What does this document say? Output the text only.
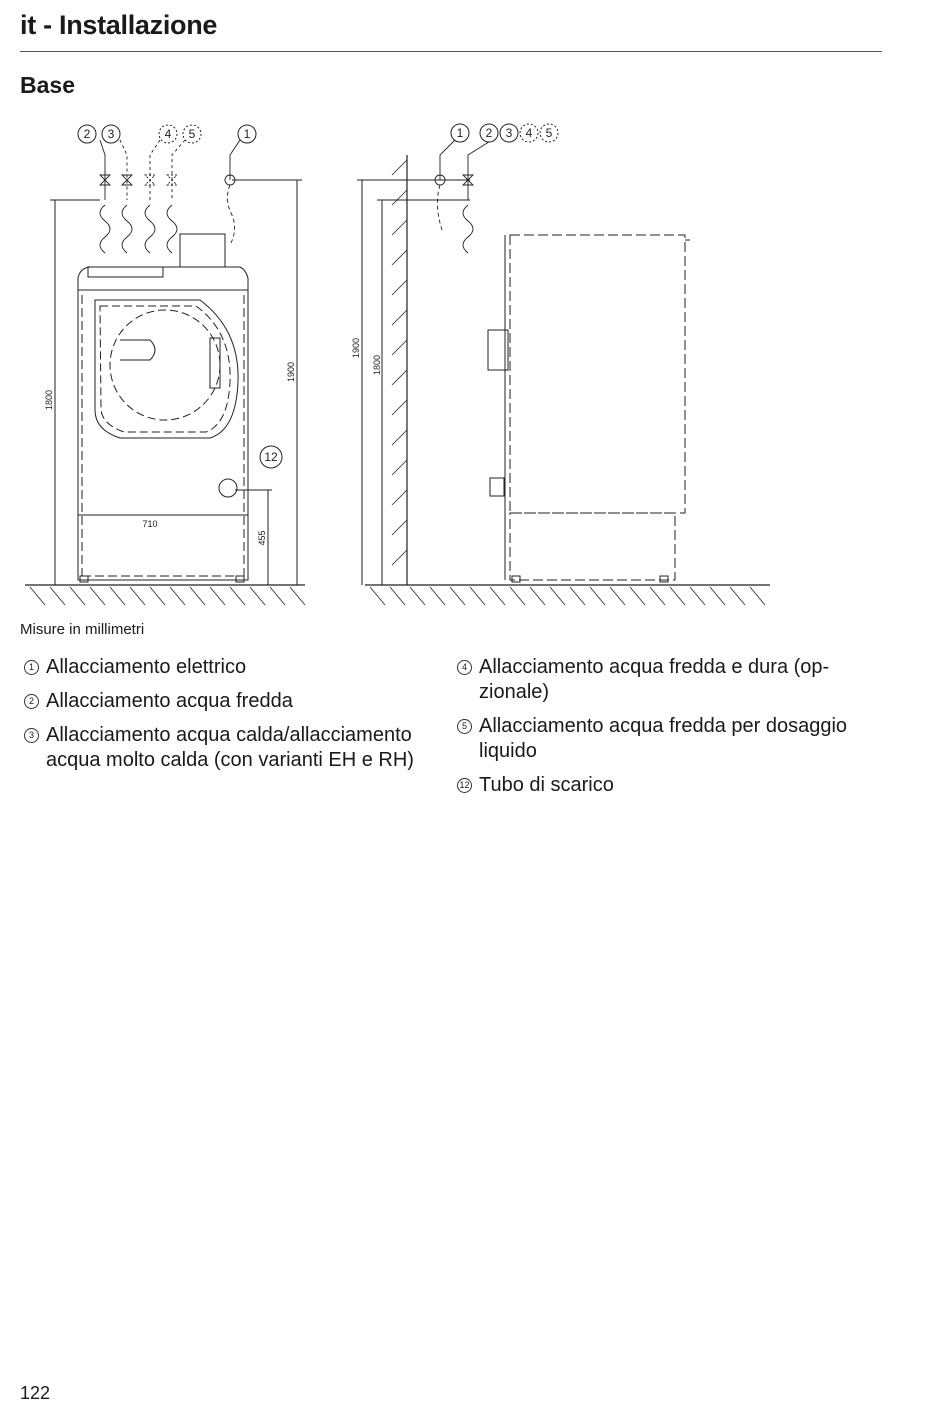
it - Installazione
Base
2 3	4 5	1
12
1 2 3 4 5
1800
1900
710
455
1900
1800
Misure in millimetri
1 Allacciamento elettrico
2 Allacciamento acqua fredda
3 Allacciamento acqua calda/allacciamento acqua molto calda (con varianti EH e RH)
4 Allacciamento acqua fredda e dura (op- zionale)
5 Allacciamento acqua fredda per dosaggio liquido
12 Tubo di scarico
122
